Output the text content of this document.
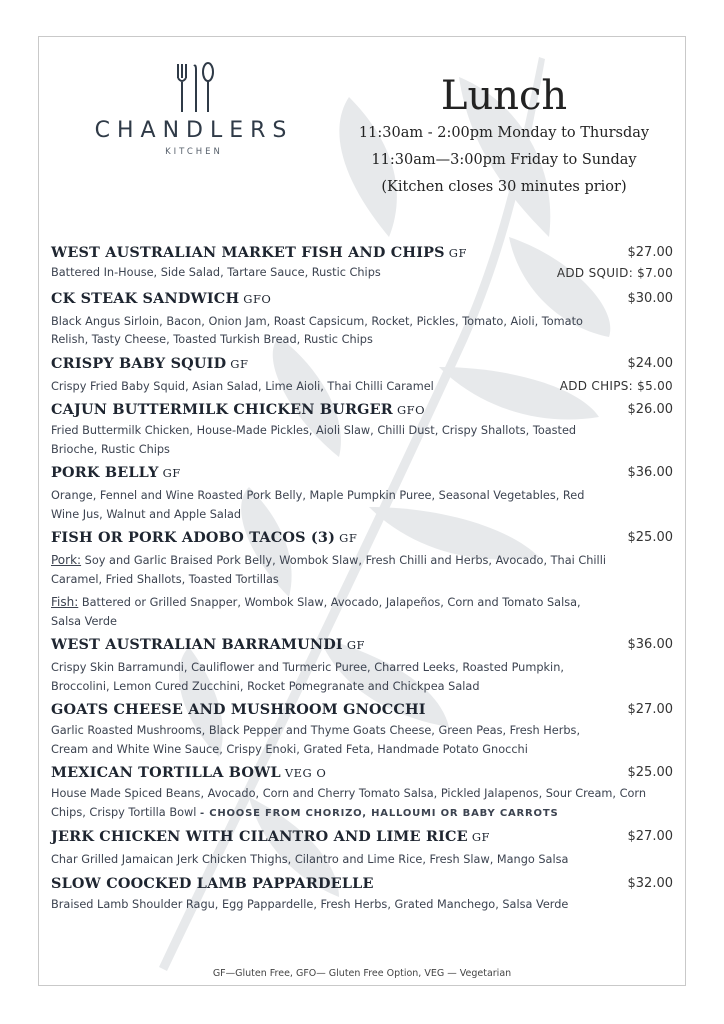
CHANDLERS
KITCHEN
Lunch
11:30am - 2:00pm Monday to Thursday
11:30am—3:00pm Friday to Sunday
(Kitchen closes 30 minutes prior)
WEST AUSTRALIAN MARKET FISH AND CHIPS GF	$27.00
ADD SQUID: $7.00
Battered In-House, Side Salad, Tartare Sauce, Rustic Chips
CK STEAK SANDWICH GFO	$30.00
Black Angus Sirloin, Bacon, Onion Jam, Roast Capsicum, Rocket, Pickles, Tomato, Aioli, Tomato Relish, Tasty Cheese, Toasted Turkish Bread, Rustic Chips
CRISPY BABY SQUID GF	$24.00
ADD CHIPS: $5.00
Crispy Fried Baby Squid, Asian Salad, Lime Aioli, Thai Chilli Caramel
CAJUN BUTTERMILK CHICKEN BURGER GFO	$26.00
Fried Buttermilk Chicken, House-Made Pickles, Aioli Slaw, Chilli Dust, Crispy Shallots, Toasted Brioche, Rustic Chips
PORK BELLY GF	$36.00
Orange, Fennel and Wine Roasted Pork Belly, Maple Pumpkin Puree, Seasonal Vegetables, Red Wine Jus, Walnut and Apple Salad
FISH OR PORK ADOBO TACOS (3) GF	$25.00
Pork: Soy and Garlic Braised Pork Belly, Wombok Slaw, Fresh Chilli and Herbs, Avocado, Thai Chilli Caramel, Fried Shallots, Toasted Tortillas
Fish: Battered or Grilled Snapper, Wombok Slaw, Avocado, Jalapeños, Corn and Tomato Salsa, Salsa Verde
WEST AUSTRALIAN BARRAMUNDI GF	$36.00
Crispy Skin Barramundi, Cauliflower and Turmeric Puree, Charred Leeks, Roasted Pumpkin, Broccolini, Lemon Cured Zucchini, Rocket Pomegranate and Chickpea Salad
GOATS CHEESE AND MUSHROOM GNOCCHI	$27.00
Garlic Roasted Mushrooms, Black Pepper and Thyme Goats Cheese, Green Peas, Fresh Herbs, Cream and White Wine Sauce, Crispy Enoki, Grated Feta, Handmade Potato Gnocchi
MEXICAN TORTILLA BOWL VEG O	$25.00
House Made Spiced Beans, Avocado, Corn and Cherry Tomato Salsa, Pickled Jalapenos, Sour Cream, Corn Chips, Crispy Tortilla Bowl - CHOOSE FROM CHORIZO, HALLOUMI OR BABY CARROTS
JERK CHICKEN WITH CILANTRO AND LIME RICE GF	$27.00
Char Grilled Jamaican Jerk Chicken Thighs, Cilantro and Lime Rice, Fresh Slaw, Mango Salsa
SLOW COOCKED LAMB PAPPARDELLE	$32.00
Braised Lamb Shoulder Ragu, Egg Pappardelle, Fresh Herbs, Grated Manchego, Salsa Verde
GF—Gluten Free, GFO— Gluten Free Option, VEG — Vegetarian
